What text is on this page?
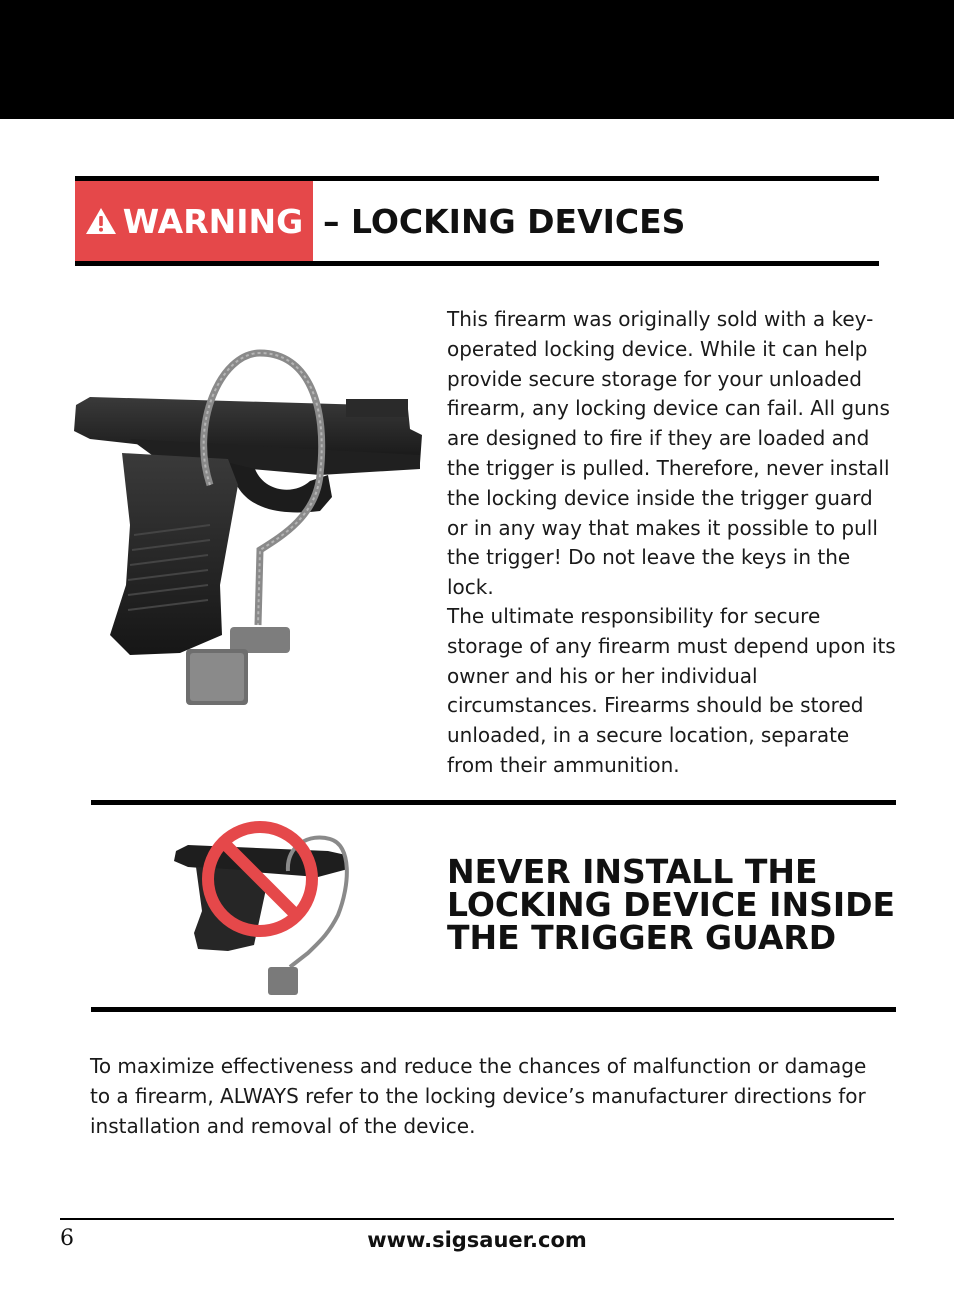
WARNING – LOCKING DEVICES
This firearm was originally sold with a key-operated locking device. While it can help provide secure storage for your unloaded firearm, any locking device can fail. All guns are designed to fire if they are loaded and the trigger is pulled. Therefore, never install the locking device inside the trigger guard or in any way that makes it possible to pull the trigger! Do not leave the keys in the lock.
The ultimate responsibility for secure storage of any firearm must depend upon its owner and his or her individual circumstances. Firearms should be stored unloaded, in a secure location, separate from their ammunition.
NEVER INSTALL THE LOCKING DEVICE INSIDE THE TRIGGER GUARD
To maximize effectiveness and reduce the chances of malfunction or damage to a firearm, ALWAYS refer to the locking device’s manufacturer directions for installation and removal of the device.
6	www.sigsauer.com
